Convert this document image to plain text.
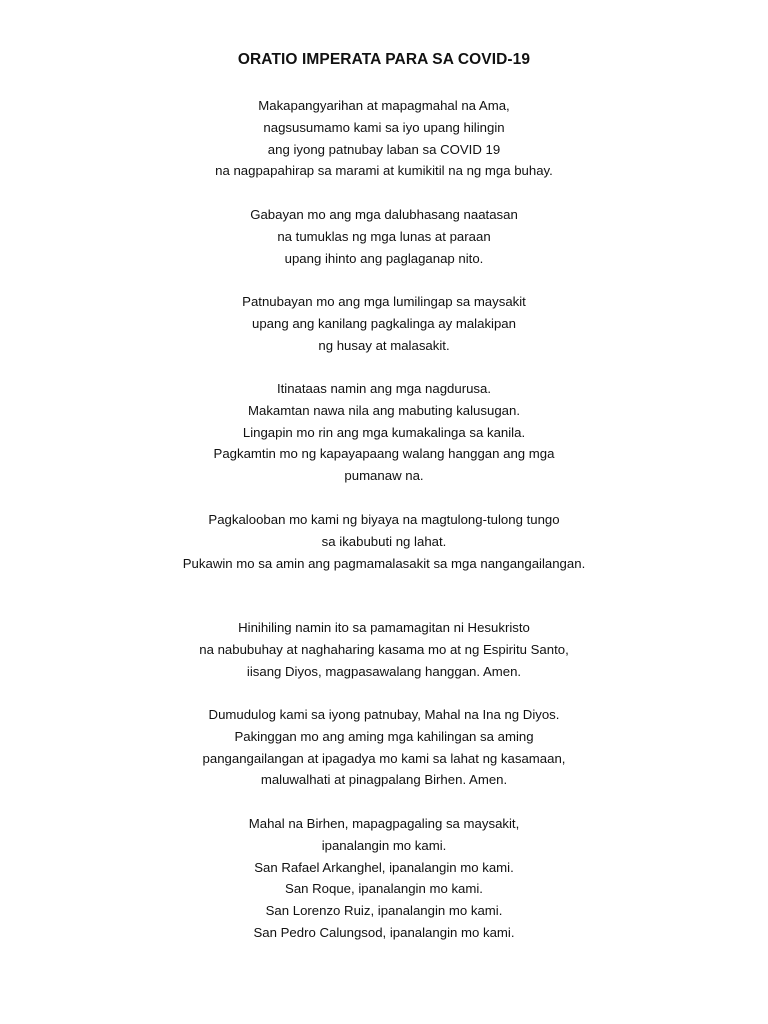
ORATIO IMPERATA PARA SA COVID-19
Makapangyarihan at mapagmahal na Ama,
nagsusumamo kami sa iyo upang hilingin
ang iyong patnubay laban sa COVID 19
na nagpapahirap sa marami at kumikitil na ng mga buhay.
Gabayan mo ang mga dalubhasang naatasan
na tumuklas ng mga lunas at paraan
upang ihinto ang paglaganap nito.
Patnubayan mo ang mga lumilingap sa maysakit
upang ang kanilang pagkalinga ay malakipan
ng husay at malasakit.
Itinataas namin ang mga nagdurusa.
Makamtan nawa nila ang mabuting kalusugan.
Lingapin mo rin ang mga kumakalinga sa kanila.
Pagkamtin mo ng kapayapaang walang hanggan ang mga
pumanaw na.
Pagkalooban mo kami ng biyaya na magtulong-tulong tungo
sa ikabubuti ng lahat.
Pukawin mo sa amin ang pagmamalasakit sa mga nangangailangan.
Hinihiling namin ito sa pamamagitan ni Hesukristo
na nabubuhay at naghaharing kasama mo at ng Espiritu Santo,
iisang Diyos, magpasawalang hanggan. Amen.
Dumudulog kami sa iyong patnubay, Mahal na Ina ng Diyos.
Pakinggan mo ang aming mga kahilingan sa aming
pangangailangan at ipagadya mo kami sa lahat ng kasamaan,
maluwalhati at pinagpalang Birhen. Amen.
Mahal na Birhen, mapagpagaling sa maysakit,
ipanalangin mo kami.
San Rafael Arkanghel, ipanalangin mo kami.
San Roque, ipanalangin mo kami.
San Lorenzo Ruiz, ipanalangin mo kami.
San Pedro Calungsod, ipanalangin mo kami.
